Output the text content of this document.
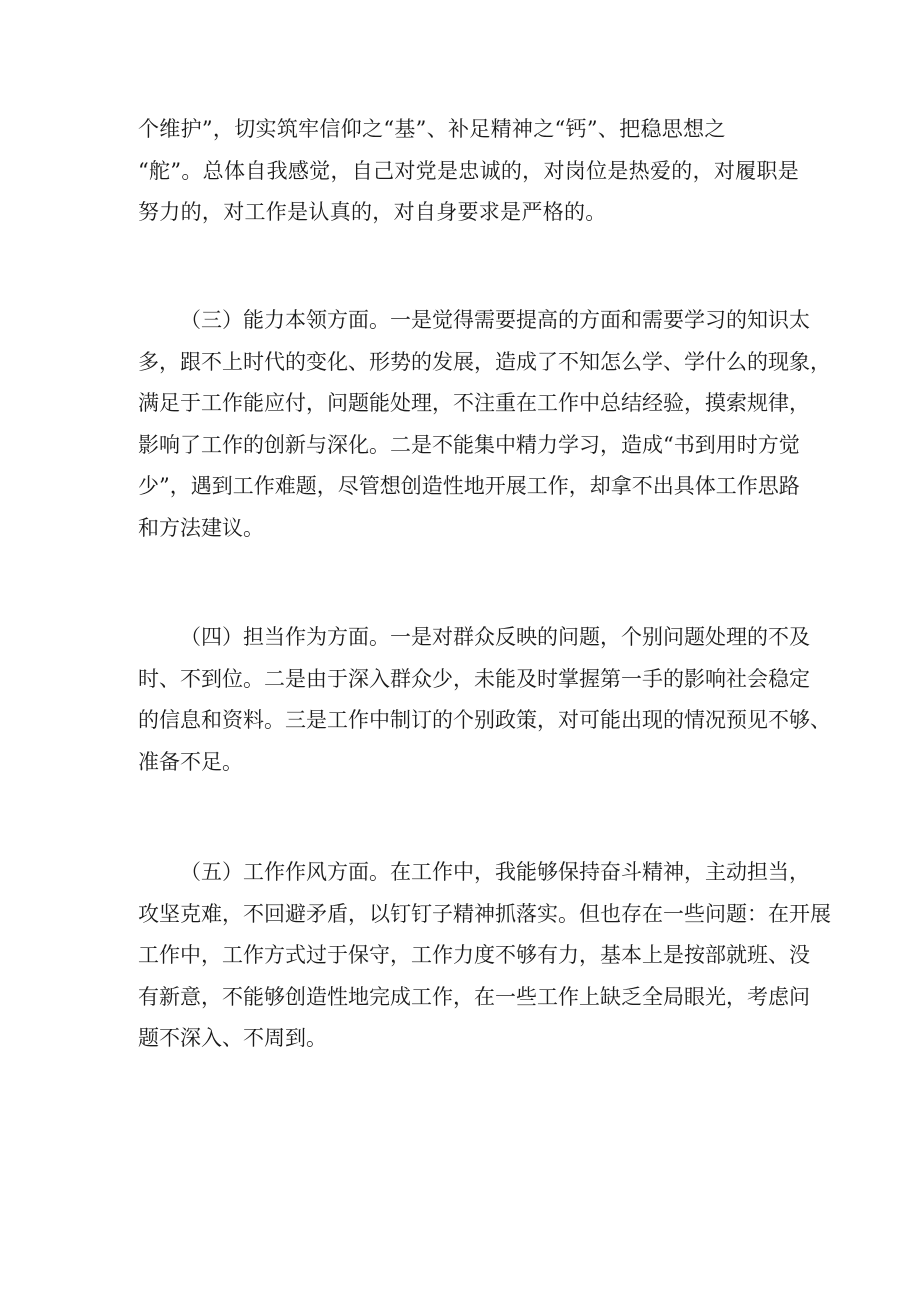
个维护”，切实筑牢信仰之“基”、补足精神之“钙”、把稳思想之
“舵”。总体自我感觉，自己对党是忠诚的，对岗位是热爱的，对履职是
努力的，对工作是认真的，对自身要求是严格的。
（三）能力本领方面。一是觉得需要提高的方面和需要学习的知识太
多，跟不上时代的变化、形势的发展，造成了不知怎么学、学什么的现象，
满足于工作能应付，问题能处理，不注重在工作中总结经验，摸索规律，
影响了工作的创新与深化。二是不能集中精力学习，造成“书到用时方觉
少”，遇到工作难题，尽管想创造性地开展工作，却拿不出具体工作思路
和方法建议。
（四）担当作为方面。一是对群众反映的问题，个别问题处理的不及
时、不到位。二是由于深入群众少，未能及时掌握第一手的影响社会稳定
的信息和资料。三是工作中制订的个别政策，对可能出现的情况预见不够、
准备不足。
（五）工作作风方面。在工作中，我能够保持奋斗精神，主动担当，
攻坚克难，不回避矛盾，以钉钉子精神抓落实。但也存在一些问题：在开展
工作中，工作方式过于保守，工作力度不够有力，基本上是按部就班、没
有新意，不能够创造性地完成工作，在一些工作上缺乏全局眼光，考虑问
题不深入、不周到。
